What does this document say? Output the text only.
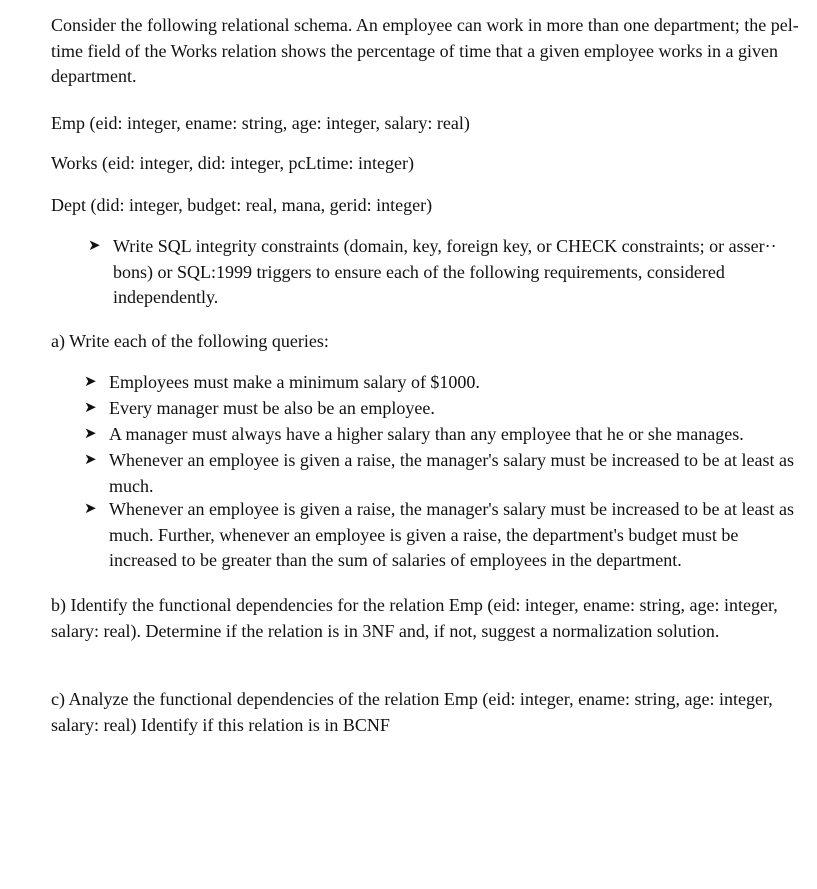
Consider the following relational schema. An employee can work in more than one department; the pel-time field of the Works relation shows the percentage of time that a given employee works in a given department.

Emp (eid: integer, ename: string, age: integer, salary: real)

Works (eid: integer, did: integer, pcLtime: integer)

Dept (did: integer, budget: real, mana, gerid: integer)

➤ Write SQL integrity constraints (domain, key, foreign key, or CHECK constraints; or asser·· bons) or SQL:1999 triggers to ensure each of the following requirements, considered independently.

a) Write each of the following queries:

➤ Employees must make a minimum salary of $1000.
➤ Every manager must be also be an employee.
➤ A manager must always have a higher salary than any employee that he or she manages.
➤ Whenever an employee is given a raise, the manager's salary must be increased to be at least as much.
➤ Whenever an employee is given a raise, the manager's salary must be increased to be at least as much. Further, whenever an employee is given a raise, the department's budget must be increased to be greater than the sum of salaries of employees in the department.

b) Identify the functional dependencies for the relation Emp (eid: integer, ename: string, age: integer, salary: real). Determine if the relation is in 3NF and, if not, suggest a normalization solution.

c) Analyze the functional dependencies of the relation Emp (eid: integer, ename: string, age: integer, salary: real) Identify if this relation is in BCNF
